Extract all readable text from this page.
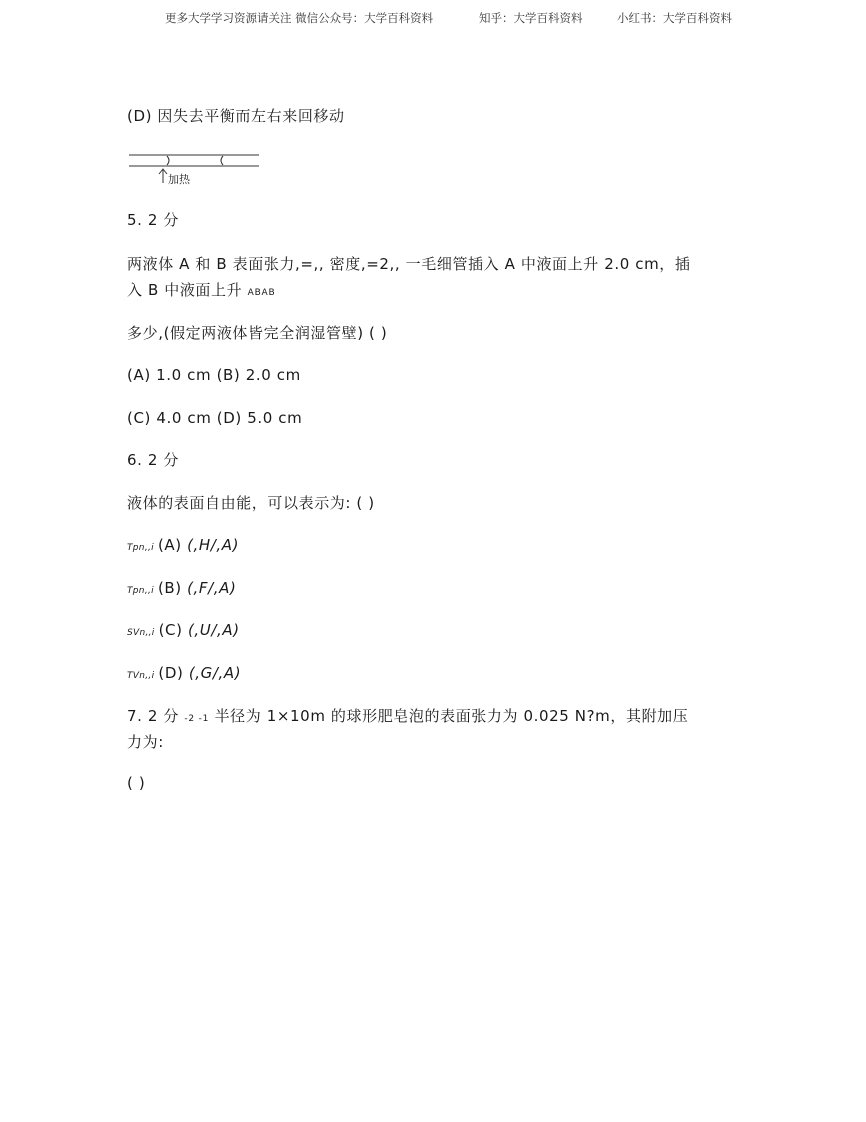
更多大学学习资源请关注 微信公众号：大学百科资料	知乎：大学百科资料	小红书：大学百科资料
(D) 因失去平衡而左右来回移动
加热
5. 2 分
两液体 A 和 B 表面张力,=,, 密度,=2,, 一毛细管插入 A 中液面上升 2.0 cm，插
入 B 中液面上升 ABAB
多少,(假定两液体皆完全润湿管壁) ( )
(A) 1.0 cm (B) 2.0 cm
(C) 4.0 cm (D) 5.0 cm
6. 2 分
液体的表面自由能，可以表示为: ( )
Tpn,,i (A) (,H/,A)
Tpn,,i (B) (,F/,A)
SVn,,i (C) (,U/,A)
TVn,,i (D) (,G/,A)
7. 2 分 -2 -1 半径为 1×10m 的球形肥皂泡的表面张力为 0.025 N?m，其附加压
力为:
( )
